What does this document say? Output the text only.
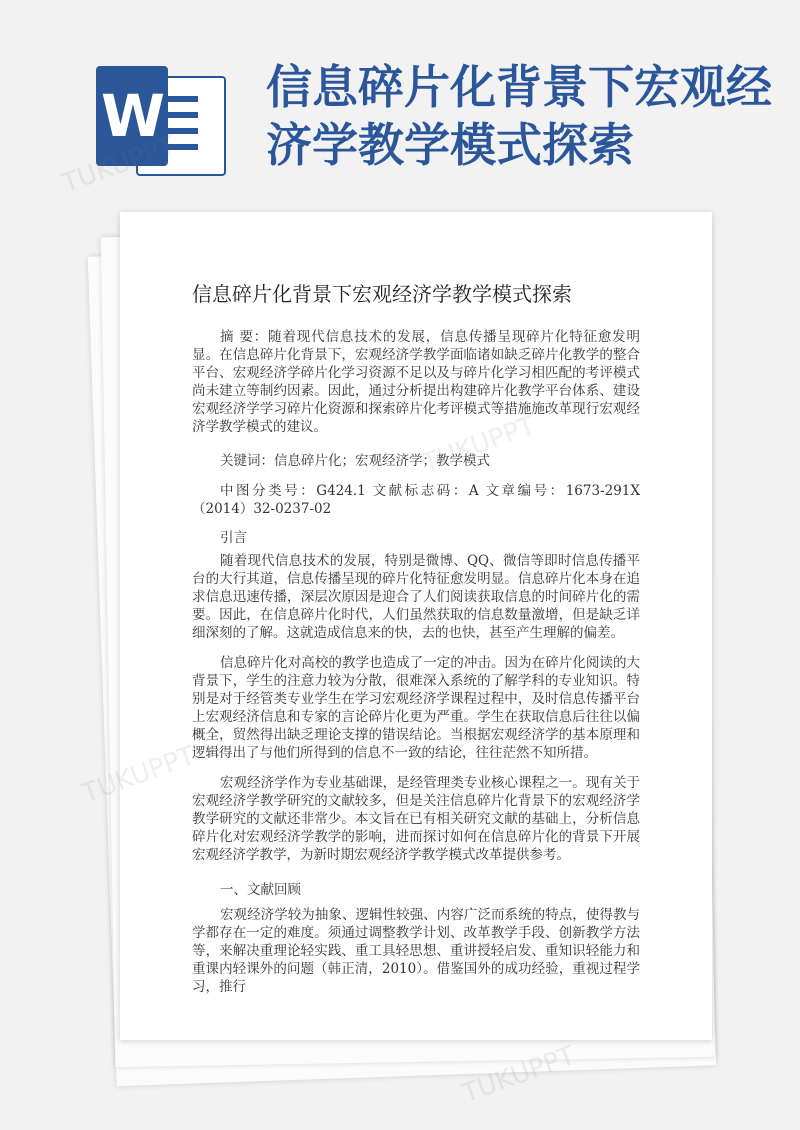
W 信息碎片化背景下宏观经济学教学模式探索
信息碎片化背景下宏观经济学教学模式探索
摘 要：随着现代信息技术的发展，信息传播呈现碎片化特征愈发明显。在信息碎片化背景下，宏观经济学教学面临诸如缺乏碎片化教学的整合平台、宏观经济学碎片化学习资源不足以及与碎片化学习相匹配的考评模式尚未建立等制约因素。因此，通过分析提出构建碎片化教学平台体系、建设宏观经济学学习碎片化资源和探索碎片化考评模式等措施施改革现行宏观经济学教学模式的建议。
关键词：信息碎片化；宏观经济学；教学模式
中图分类号：G424.1 文献标志码：A 文章编号：1673-291X（2014）32-0237-02
引言
随着现代信息技术的发展，特别是微博、QQ、微信等即时信息传播平台的大行其道，信息传播呈现的碎片化特征愈发明显。信息碎片化本身在追求信息迅速传播，深层次原因是迎合了人们阅读获取信息的时间碎片化的需要。因此，在信息碎片化时代，人们虽然获取的信息数量激增，但是缺乏详细深刻的了解。这就造成信息来的快，去的也快，甚至产生理解的偏差。
信息碎片化对高校的教学也造成了一定的冲击。因为在碎片化阅读的大背景下，学生的注意力较为分散，很难深入系统的了解学科的专业知识。特别是对于经管类专业学生在学习宏观经济学课程过程中，及时信息传播平台上宏观经济信息和专家的言论碎片化更为严重。学生在获取信息后往往以偏概全，贸然得出缺乏理论支撑的错误结论。当根据宏观经济学的基本原理和逻辑得出了与他们所得到的信息不一致的结论，往往茫然不知所措。
宏观经济学作为专业基础课，是经管理类专业核心课程之一。现有关于宏观经济学教学研究的文献较多，但是关注信息碎片化背景下的宏观经济学教学研究的文献还非常少。本文旨在已有相关研究文献的基础上，分析信息碎片化对宏观经济学教学的影响，进而探讨如何在信息碎片化的背景下开展宏观经济学教学，为新时期宏观经济学教学模式改革提供参考。
一、文献回顾
宏观经济学较为抽象、逻辑性较强、内容广泛而系统的特点，使得教与学都存在一定的难度。须通过调整教学计划、改革教学手段、创新教学方法等，来解决重理论轻实践、重工具轻思想、重讲授轻启发、重知识轻能力和重课内轻课外的问题（韩正清，2010）。借鉴国外的成功经验，重视过程学习，推行
TUKUPPT
